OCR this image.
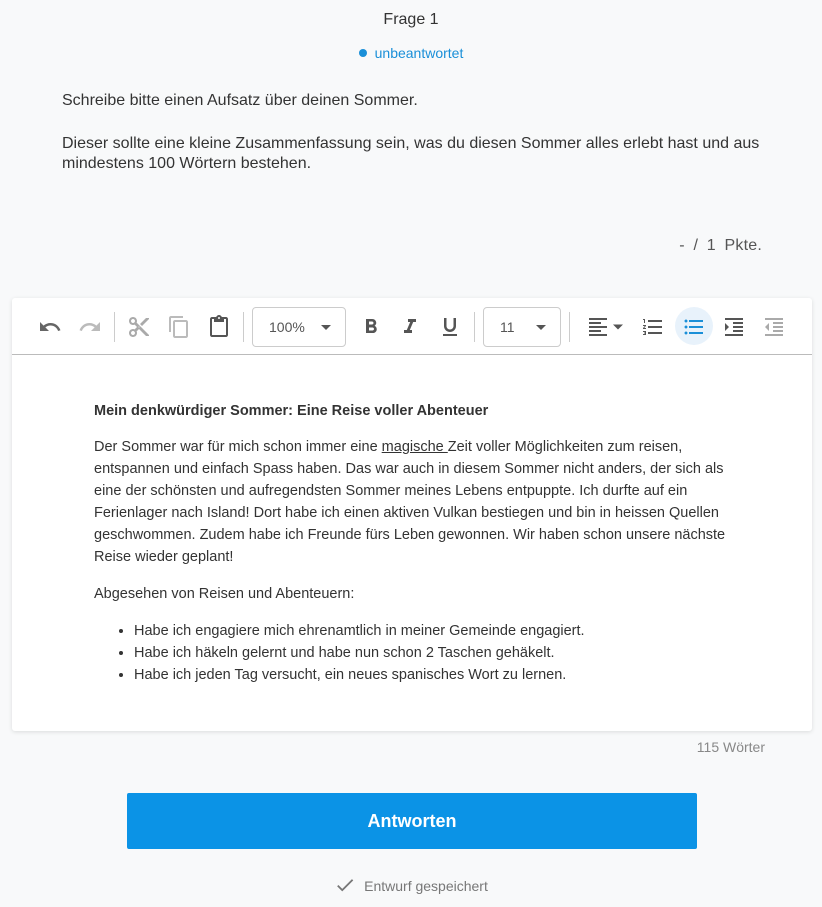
Frage 1
unbeantwortet

Schreibe bitte einen Aufsatz über deinen Sommer.

Dieser sollte eine kleine Zusammenfassung sein, was du diesen Sommer alles erlebt hast und aus mindestens 100 Wörtern bestehen.

- / 1 Pkte.
100%	11
Mein denkwürdiger Sommer: Eine Reise voller Abenteuer

Der Sommer war für mich schon immer eine magische Zeit voller Möglichkeiten zum reisen, entspannen und einfach Spass haben. Das war auch in diesem Sommer nicht anders, der sich als eine der schönsten und aufregendsten Sommer meines Lebens entpuppte. Ich durfte auf ein Ferienlager nach Island! Dort habe ich einen aktiven Vulkan bestiegen und bin in heissen Quellen geschwommen. Zudem habe ich Freunde fürs Leben gewonnen. Wir haben schon unsere nächste Reise wieder geplant!

Abgesehen von Reisen und Abenteuern:

• Habe ich engagiere mich ehrenamtlich in meiner Gemeinde engagiert.
• Habe ich häkeln gelernt und habe nun schon 2 Taschen gehäkelt.
• Habe ich jeden Tag versucht, ein neues spanisches Wort zu lernen.
115 Wörter
Antworten
Entwurf gespeichert
